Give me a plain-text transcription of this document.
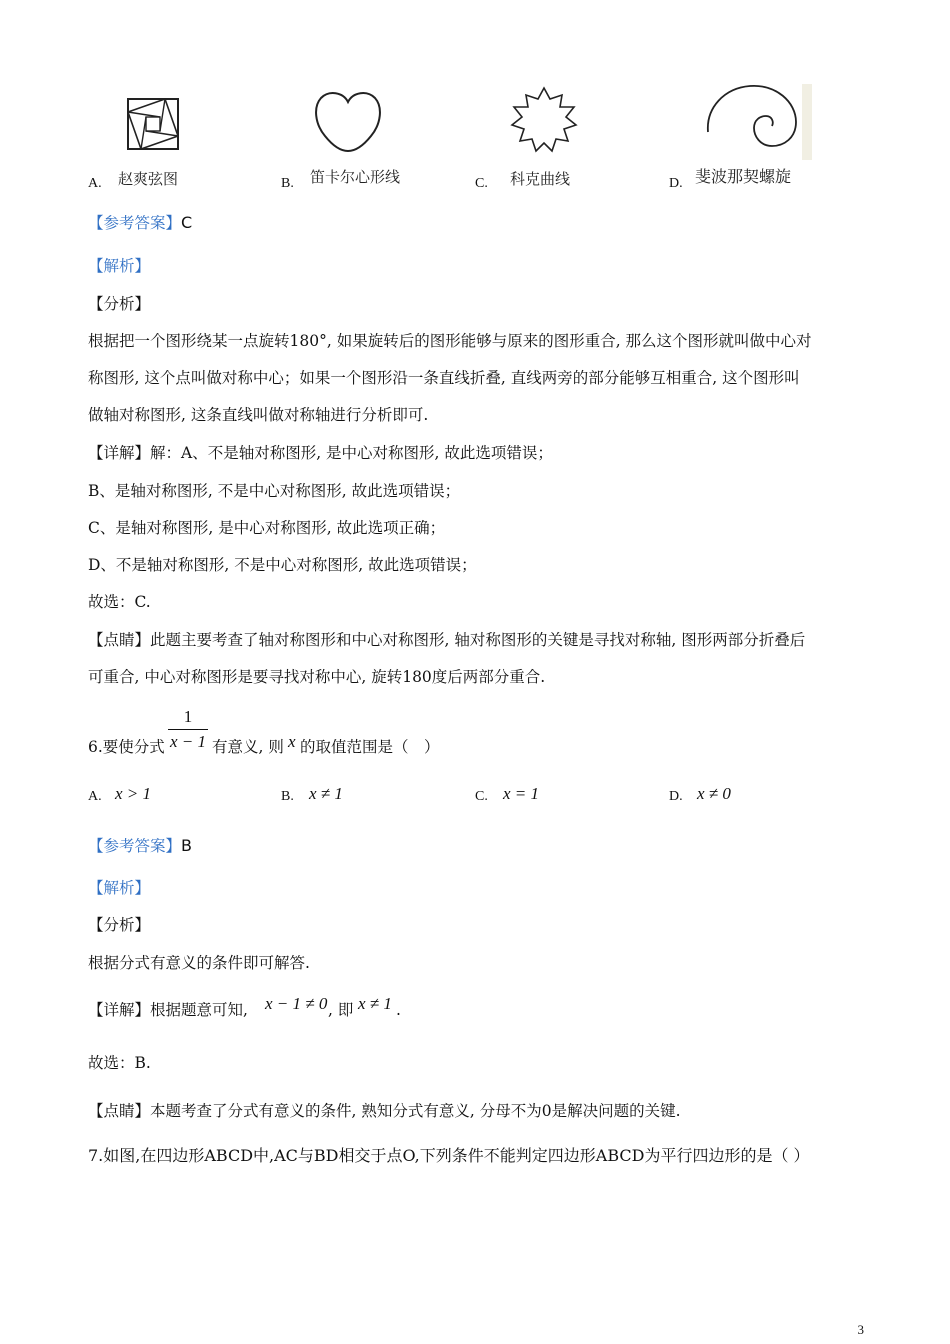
A. 赵爽弦图	B. 笛卡尔心形线	C. 科克曲线	D. 斐波那契螺旋
【参考答案】C
【解析】
【分析】
根据把一个图形绕某一点旋转180°, 如果旋转后的图形能够与原来的图形重合, 那么这个图形就叫做中心对
称图形, 这个点叫做对称中心；如果一个图形沿一条直线折叠, 直线两旁的部分能够互相重合, 这个图形叫
做轴对称图形, 这条直线叫做对称轴进行分析即可.
【详解】解：A、不是轴对称图形, 是中心对称图形, 故此选项错误；
B、是轴对称图形, 不是中心对称图形, 故此选项错误；
C、是轴对称图形, 是中心对称图形, 故此选项正确；
D、不是轴对称图形, 不是中心对称图形, 故此选项错误；
故选：C.
【点睛】此题主要考查了轴对称图形和中心对称图形, 轴对称图形的关键是寻找对称轴, 图形两部分折叠后
可重合, 中心对称图形是要寻找对称中心, 旋转180度后两部分重合.
6.要使分式
1
x − 1 有意义, 则 x 的取值范围是（　）
A. x > 1	B. x ≠ 1	C. x = 1	D. x ≠ 0
【参考答案】B
【解析】
【分析】
根据分式有意义的条件即可解答.
【详解】根据题意可知, x − 1 ≠ 0 , 即 x ≠ 1 .
故选：B.
【点睛】本题考查了分式有意义的条件, 熟知分式有意义, 分母不为0是解决问题的关键.
7.如图,在四边形ABCD中,AC与BD相交于点O,下列条件不能判定四边形ABCD为平行四边形的是（ ）
3
